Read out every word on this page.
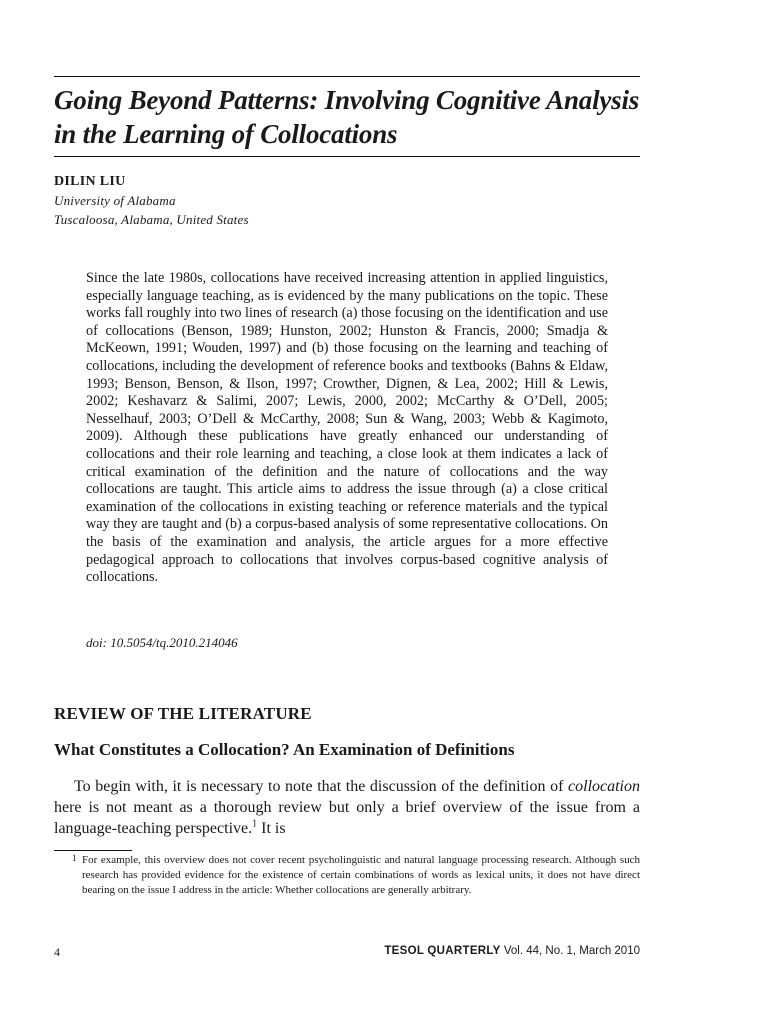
Going Beyond Patterns: Involving Cognitive Analysis in the Learning of Collocations
DILIN LIU
University of Alabama
Tuscaloosa, Alabama, United States
Since the late 1980s, collocations have received increasing attention in applied linguistics, especially language teaching, as is evidenced by the many publications on the topic. These works fall roughly into two lines of research (a) those focusing on the identification and use of collocations (Benson, 1989; Hunston, 2002; Hunston & Francis, 2000; Smadja & McKeown, 1991; Wouden, 1997) and (b) those focusing on the learning and teaching of collocations, including the development of reference books and textbooks (Bahns & Eldaw, 1993; Benson, Benson, & Ilson, 1997; Crowther, Dignen, & Lea, 2002; Hill & Lewis, 2002; Keshavarz & Salimi, 2007; Lewis, 2000, 2002; McCarthy & O’Dell, 2005; Nesselhauf, 2003; O’Dell & McCarthy, 2008; Sun & Wang, 2003; Webb & Kagimoto, 2009). Although these publications have greatly enhanced our understanding of collocations and their role learning and teaching, a close look at them indicates a lack of critical examination of the definition and the nature of collocations and the way collocations are taught. This article aims to address the issue through (a) a close critical examination of the collocations in existing teaching or reference materials and the typical way they are taught and (b) a corpus-based analysis of some representative collocations. On the basis of the examination and analysis, the article argues for a more effective pedagogical approach to collocations that involves corpus-based cognitive analysis of collocations.
doi: 10.5054/tq.2010.214046
REVIEW OF THE LITERATURE
What Constitutes a Collocation? An Examination of Definitions
To begin with, it is necessary to note that the discussion of the definition of collocation here is not meant as a thorough review but only a brief overview of the issue from a language-teaching perspective.$^1$ It is
1 For example, this overview does not cover recent psycholinguistic and natural language processing research. Although such research has provided evidence for the existence of certain combinations of words as lexical units, it does not have direct bearing on the issue I address in the article: Whether collocations are generally arbitrary.
4	TESOL QUARTERLY Vol. 44, No. 1, March 2010
